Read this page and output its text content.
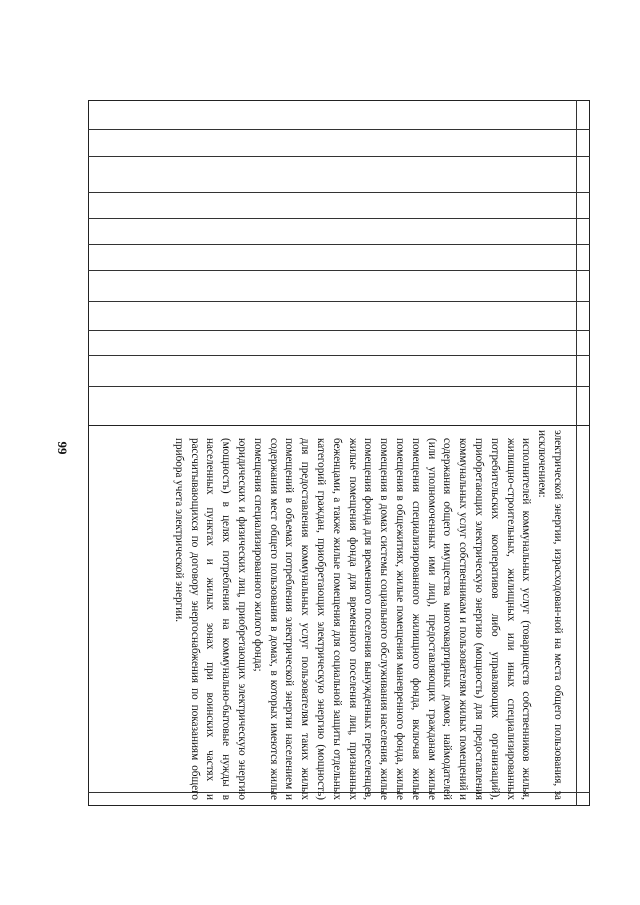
99	электрической энергии, израсходован-ной на места общего пользования, за исключением:

исполнителей коммунальных услуг (товариществ собственников жилья, жилищно-строительных, жилищных или иных специализированных потребительских кооперативов либо управляющих организаций), приобретающих электрическую энергию (мощность) для предоставления коммунальных услуг собственникам и пользователям жилых помещений и содержания общего имущества многоквартирных домов; наймодателей (или уполномоченных ими лиц), предоставляющих гражданам жилые помещения специализированного жилищного фонда, включая жилые помещения в общежитиях, жилые помещения маневренного фонда, жилые помещения в домах системы социального обслуживания населения, жилые помещения фонда для временного поселения вынужденных переселенцев, жилые помещения фонда для временного поселения лиц, признанных беженцами, а также жилые помещения для социальной защиты отдельных категорий граждан, приобретающих электрическую энергию (мощность) для предоставления коммунальных услуг пользователям таких жилых помещений в объемах потребления электрической энергии населением и содержания мест общего пользования в домах, в которых имеются жилые помещения специализированного жилого фонда;

юридических и физических лиц, приобретающих электрическую энергию (мощность) в целях потребления на коммунально-бытовые нужды в населенных пунктах и жилых зонах при воинских частях и рассчитывающихся по договору энергоснабжения по показаниям общего прибора учета электрической энергии.
